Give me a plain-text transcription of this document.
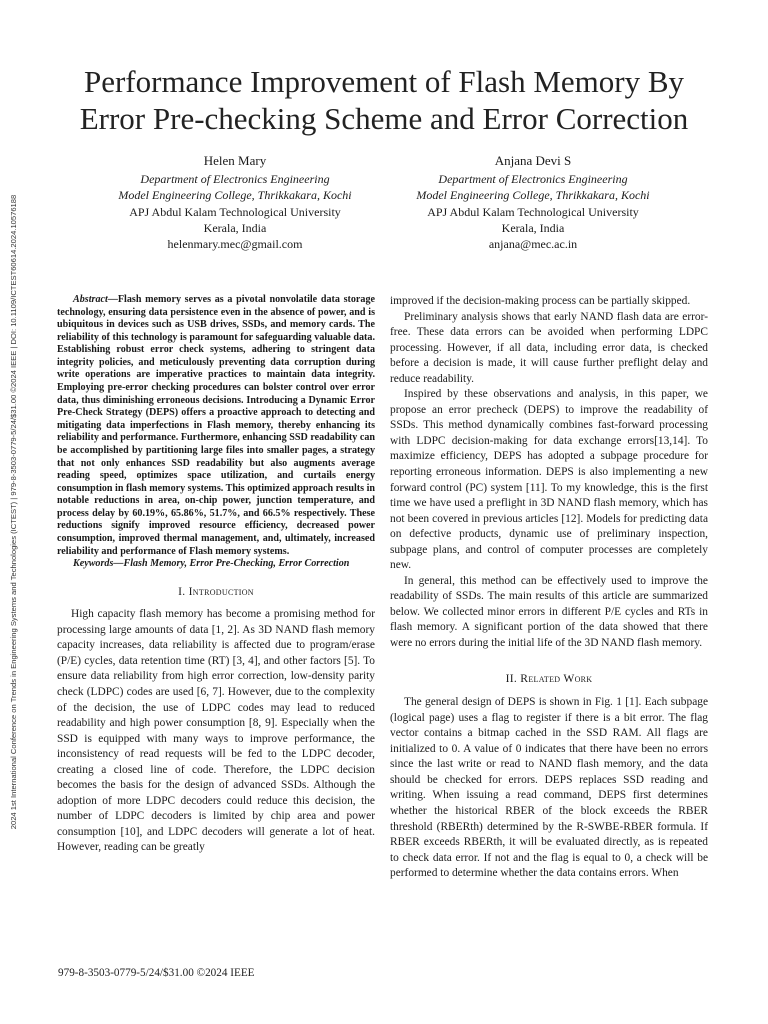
2024 1st International Conference on Trends in Engineering Systems and Technologies (ICTEST) | 979-8-3503-0779-5/24/$31.00 ©2024 IEEE | DOI: 10.1109/ICTEST60614.2024.10576188
Performance Improvement of Flash Memory By
Error Pre-checking Scheme and Error Correction
Helen Mary
Department of Electronics Engineering
Model Engineering College, Thrikkakara, Kochi
APJ Abdul Kalam Technological University
Kerala, India
helenmary.mec@gmail.com
Anjana Devi S
Department of Electronics Engineering
Model Engineering College, Thrikkakara, Kochi
APJ Abdul Kalam Technological University
Kerala, India
anjana@mec.ac.in

Abstract—Flash memory serves as a pivotal nonvolatile data storage technology, ensuring data persistence even in the absence of power, and is ubiquitous in devices such as USB drives, SSDs, and memory cards. The reliability of this technology is paramount for safeguarding valuable data. Establishing robust error check systems, adhering to stringent data integrity policies, and meticulously preventing data corruption during write operations are imperative practices to maintain data integrity. Employing pre-error checking procedures can bolster control over error data, thus diminishing erroneous decisions. Introducing a Dynamic Error Pre-Check Strategy (DEPS) offers a proactive approach to detecting and mitigating data imperfections in Flash memory, thereby enhancing its reliability and performance. Furthermore, enhancing SSD readability can be accomplished by partitioning large files into smaller pages, a strategy that not only enhances SSD readability but also augments average reading speed, optimizes space utilization, and curtails energy consumption in flash memory systems. This optimized approach results in notable reductions in area, on-chip power, junction temperature, and process delay by 60.19%, 65.86%, 51.7%, and 66.5% respectively. These reductions signify improved resource efficiency, decreased power consumption, improved thermal management, and, ultimately, increased reliability and performance of Flash memory systems.

Keywords—Flash Memory, Error Pre-Checking, Error Correction

I. Introduction

High capacity flash memory has become a promising method for processing large amounts of data [1, 2]. As 3D NAND flash memory capacity increases, data reliability is affected due to program/erase (P/E) cycles, data retention time (RT) [3, 4], and other factors [5]. To ensure data reliability from high error correction, low-density parity check (LDPC) codes are used [6, 7]. However, due to the complexity of the decision, the use of LDPC codes may lead to reduced readability and high power consumption [8, 9]. Especially when the SSD is equipped with many ways to improve performance, the inconsistency of read requests will be fed to the LDPC decoder, creating a closed line of code. Therefore, the LDPC decision becomes the basis for the design of advanced SSDs. Although the adoption of more LDPC decoders could reduce this decision, the number of LDPC decoders is limited by chip area and power consumption [10], and LDPC decoders will generate a lot of heat. However, reading can be greatly

improved if the decision-making process can be partially skipped.

Preliminary analysis shows that early NAND flash data are error-free. These data errors can be avoided when performing LDPC processing. However, if all data, including error data, is checked before a decision is made, it will cause further preflight delay and reduce readability.

Inspired by these observations and analysis, in this paper, we propose an error precheck (DEPS) to improve the readability of SSDs. This method dynamically combines fast-forward processing with LDPC decision-making for data exchange errors[13,14]. To maximize efficiency, DEPS has adopted a subpage procedure for reporting erroneous information. DEPS is also implementing a new forward control (PC) system [11]. To my knowledge, this is the first time we have used a preflight in 3D NAND flash memory, which has not been covered in previous articles [12]. Models for predicting data on defective products, dynamic use of preliminary inspection, subpage plans, and control of computer processes are completely new.

In general, this method can be effectively used to improve the readability of SSDs. The main results of this article are summarized below. We collected minor errors in different P/E cycles and RTs in flash memory. A significant portion of the data showed that there were no errors during the initial life of the 3D NAND flash memory.

II. Related Work

The general design of DEPS is shown in Fig. 1 [1]. Each subpage (logical page) uses a flag to register if there is a bit error. The flag vector contains a bitmap cached in the SSD RAM. All flags are initialized to 0. A value of 0 indicates that there have been no errors since the last write or read to NAND flash memory, and the data should be checked for errors. DEPS replaces SSD reading and writing. When issuing a read command, DEPS first determines whether the historical RBER of the block exceeds the RBER threshold (RBERth) determined by the R-SWBE-RBER formula. If RBER exceeds RBERth, it will be evaluated directly, as is repeated to check data error. If not and the flag is equal to 0, a check will be performed to determine whether the data contains errors. When

979-8-3503-0779-5/24/$31.00 ©2024 IEEE
